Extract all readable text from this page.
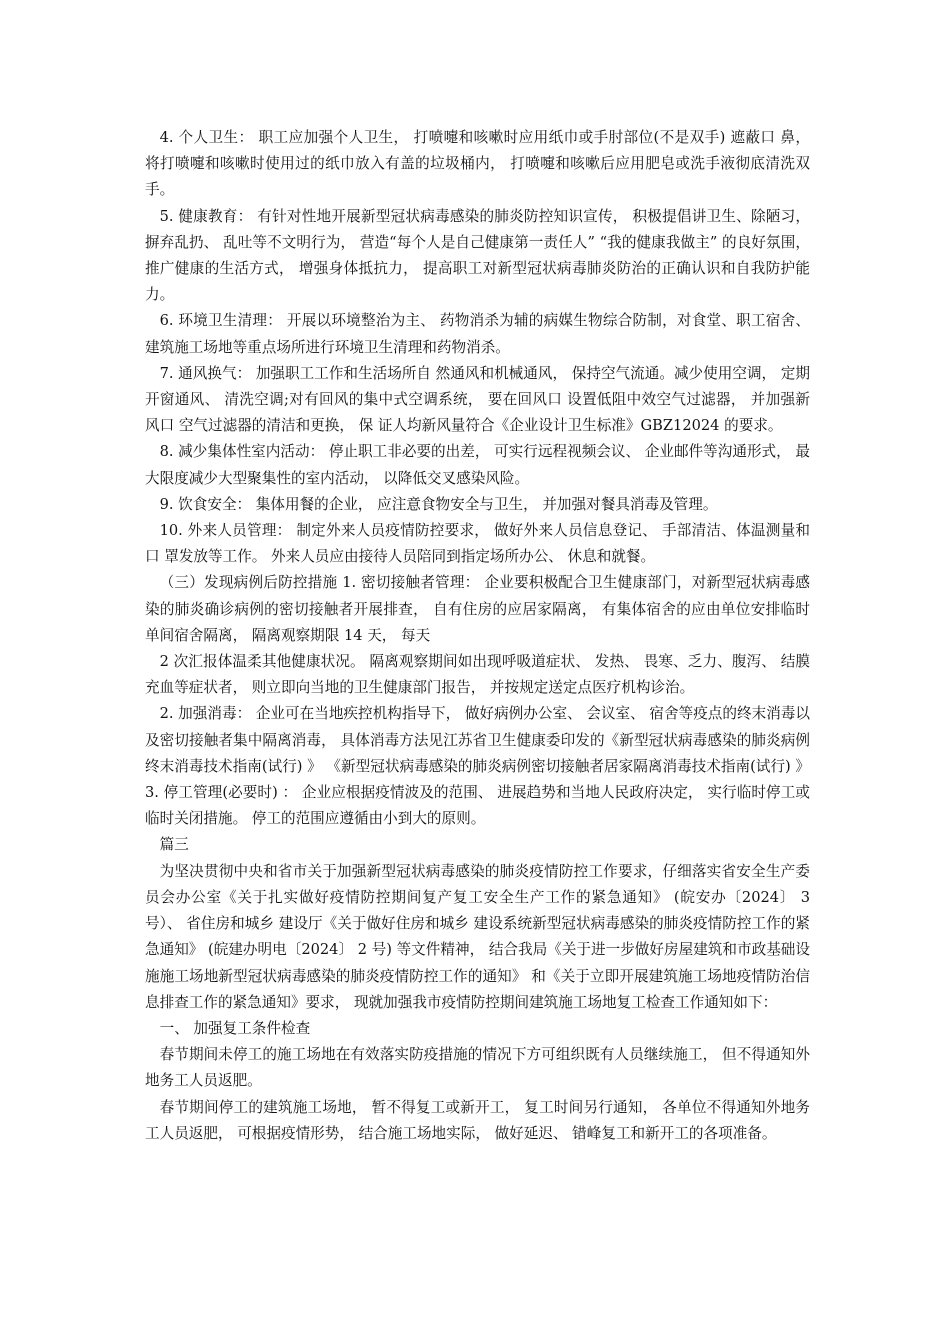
4. 个人卫生： 职工应加强个人卫生， 打喷嚏和咳嗽时应用纸巾或手肘部位(不是双手) 遮蔽口 鼻， 将打喷嚏和咳嗽时使用过的纸巾放入有盖的垃圾桶内， 打喷嚏和咳嗽后应用肥皂或洗手液彻底清洗双手。

5. 健康教育： 有针对性地开展新型冠状病毒感染的肺炎防控知识宣传， 积极提倡讲卫生、除陋习， 摒弃乱扔、 乱吐等不文明行为， 营造“每个人是自己健康第一责任人” “我的健康我做主” 的良好氛围， 推广健康的生活方式， 增强身体抵抗力， 提高职工对新型冠状病毒肺炎防治的正确认识和自我防护能力。

6. 环境卫生清理： 开展以环境整治为主、 药物消杀为辅的病媒生物综合防制，对食堂、职工宿舍、 建筑施工场地等重点场所进行环境卫生清理和药物消杀。

7. 通风换气： 加强职工工作和生活场所自 然通风和机械通风， 保持空气流通。减少使用空调， 定期开窗通风、 清洗空调;对有回风的集中式空调系统， 要在回风口 设置低阻中效空气过滤器， 并加强新风口 空气过滤器的清洁和更换， 保 证人均新风量符合《企业设计卫生标准》GBZ12024 的要求。

8. 减少集体性室内活动： 停止职工非必要的出差， 可实行远程视频会议、 企业邮件等沟通形式， 最大限度减少大型聚集性的室内活动， 以降低交叉感染风险。

9. 饮食安全： 集体用餐的企业， 应注意食物安全与卫生， 并加强对餐具消毒及管理。

10. 外来人员管理： 制定外来人员疫情防控要求， 做好外来人员信息登记、 手部清洁、体温测量和口 罩发放等工作。 外来人员应由接待人员陪同到指定场所办公、 休息和就餐。

（三）发现病例后防控措施 1. 密切接触者管理： 企业要积极配合卫生健康部门，对新型冠状病毒感染的肺炎确诊病例的密切接触者开展排查， 自有住房的应居家隔离， 有集体宿舍的应由单位安排临时单间宿舍隔离， 隔离观察期限 14 天， 每天

2 次汇报体温柔其他健康状况。 隔离观察期间如出现呼吸道症状、 发热、 畏寒、乏力、腹泻、 结膜充血等症状者， 则立即向当地的卫生健康部门报告， 并按规定送定点医疗机构诊治。

2. 加强消毒： 企业可在当地疾控机构指导下， 做好病例办公室、 会议室、 宿舍等疫点的终末消毒以及密切接触者集中隔离消毒， 具体消毒方法见江苏省卫生健康委印发的《新型冠状病毒感染的肺炎病例终末消毒技术指南(试行) 》 《新型冠状病毒感染的肺炎病例密切接触者居家隔离消毒技术指南(试行) 》 3. 停工管理(必要时) ： 企业应根据疫情波及的范围、 进展趋势和当地人民政府决定， 实行临时停工或临时关闭措施。 停工的范围应遵循由小到大的原则。

篇三

为坚决贯彻中央和省市关于加强新型冠状病毒感染的肺炎疫情防控工作要求，仔细落实省安全生产委员会办公室《关于扎实做好疫情防控期间复产复工安全生产工作的紧急通知》 (皖安办〔2024〕 3 号）、 省住房和城乡 建设厅《关于做好住房和城乡 建设系统新型冠状病毒感染的肺炎疫情防控工作的紧急通知》 (皖建办明电〔2024〕 2 号) 等文件精神， 结合我局《关于进一步做好房屋建筑和市政基础设施施工场地新型冠状病毒感染的肺炎疫情防控工作的通知》 和《关于立即开展建筑施工场地疫情防治信息排查工作的紧急通知》要求， 现就加强我市疫情防控期间建筑施工场地复工检查工作通知如下：

一、 加强复工条件检查

春节期间未停工的施工场地在有效落实防疫措施的情况下方可组织既有人员继续施工， 但不得通知外地务工人员返肥。

春节期间停工的建筑施工场地， 暂不得复工或新开工， 复工时间另行通知， 各单位不得通知外地务工人员返肥， 可根据疫情形势， 结合施工场地实际， 做好延迟、 错峰复工和新开工的各项准备。
